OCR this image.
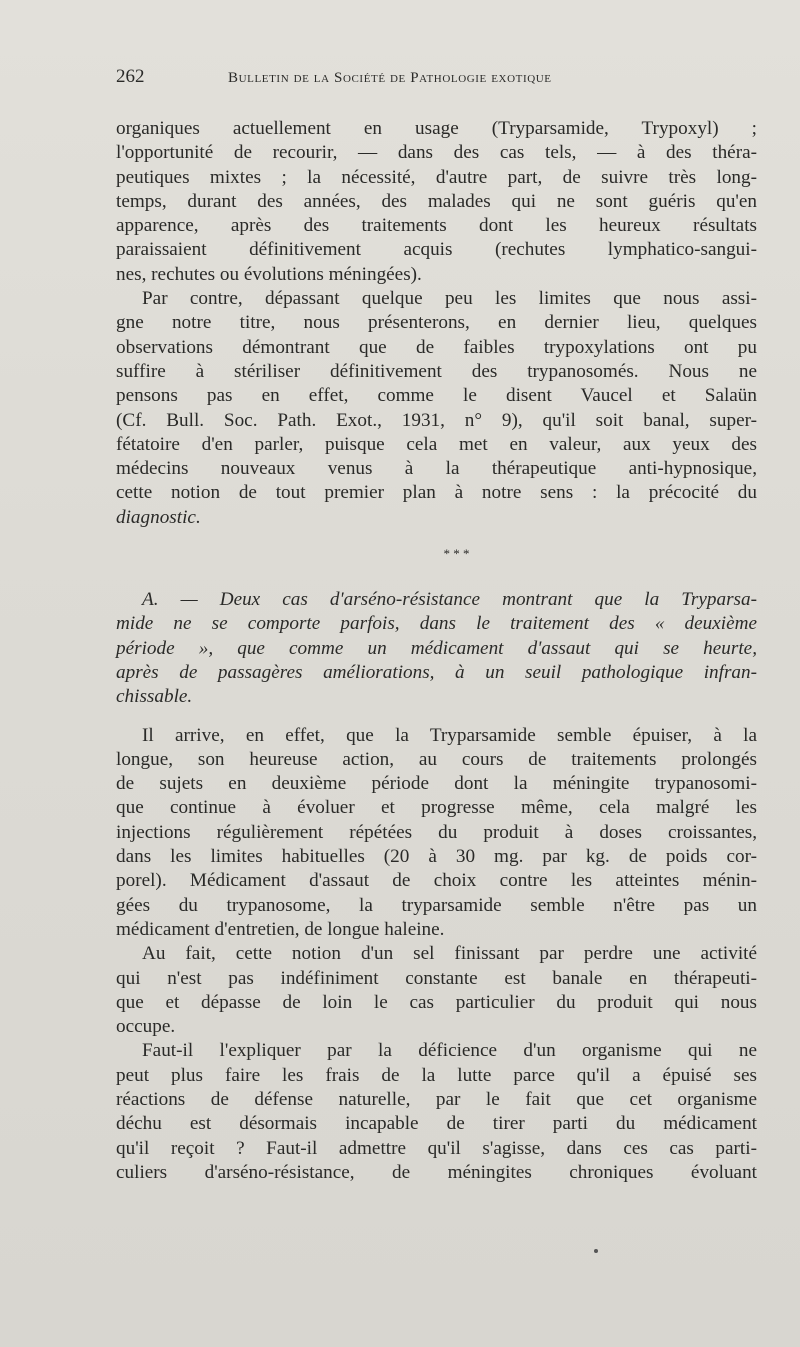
262	Bulletin de la Société de Pathologie exotique
organiques actuellement en usage (Tryparsamide, Trypoxyl) ;
l'opportunité de recourir, — dans des cas tels, — à des théra-
peutiques mixtes ; la nécessité, d'autre part, de suivre très long-
temps, durant des années, des malades qui ne sont guéris qu'en
apparence, après des traitements dont les heureux résultats
paraissaient définitivement acquis (rechutes lymphatico-sangui-
nes, rechutes ou évolutions méningées).
Par contre, dépassant quelque peu les limites que nous assi-
gne notre titre, nous présenterons, en dernier lieu, quelques
observations démontrant que de faibles trypoxylations ont pu
suffire à stériliser définitivement des trypanosomés. Nous ne
pensons pas en effet, comme le disent Vaucel et Salaün
(Cf. Bull. Soc. Path. Exot., 1931, n° 9), qu'il soit banal, super-
fétatoire d'en parler, puisque cela met en valeur, aux yeux des
médecins nouveaux venus à la thérapeutique anti-hypnosique,
cette notion de tout premier plan à notre sens : la précocité du
diagnostic.
* * *
A. — Deux cas d'arséno-résistance montrant que la Tryparsa-
mide ne se comporte parfois, dans le traitement des « deuxième
période », que comme un médicament d'assaut qui se heurte,
après de passagères améliorations, à un seuil pathologique infran-
chissable.
Il arrive, en effet, que la Tryparsamide semble épuiser, à la
longue, son heureuse action, au cours de traitements prolongés
de sujets en deuxième période dont la méningite trypanosomi-
que continue à évoluer et progresse même, cela malgré les
injections régulièrement répétées du produit à doses croissantes,
dans les limites habituelles (20 à 30 mg. par kg. de poids cor-
porel). Médicament d'assaut de choix contre les atteintes ménin-
gées du trypanosome, la tryparsamide semble n'être pas un
médicament d'entretien, de longue haleine.
Au fait, cette notion d'un sel finissant par perdre une activité
qui n'est pas indéfiniment constante est banale en thérapeuti-
que et dépasse de loin le cas particulier du produit qui nous
occupe.
Faut-il l'expliquer par la déficience d'un organisme qui ne
peut plus faire les frais de la lutte parce qu'il a épuisé ses
réactions de défense naturelle, par le fait que cet organisme
déchu est désormais incapable de tirer parti du médicament
qu'il reçoit ? Faut-il admettre qu'il s'agisse, dans ces cas parti-
culiers d'arséno-résistance, de méningites chroniques évoluant
